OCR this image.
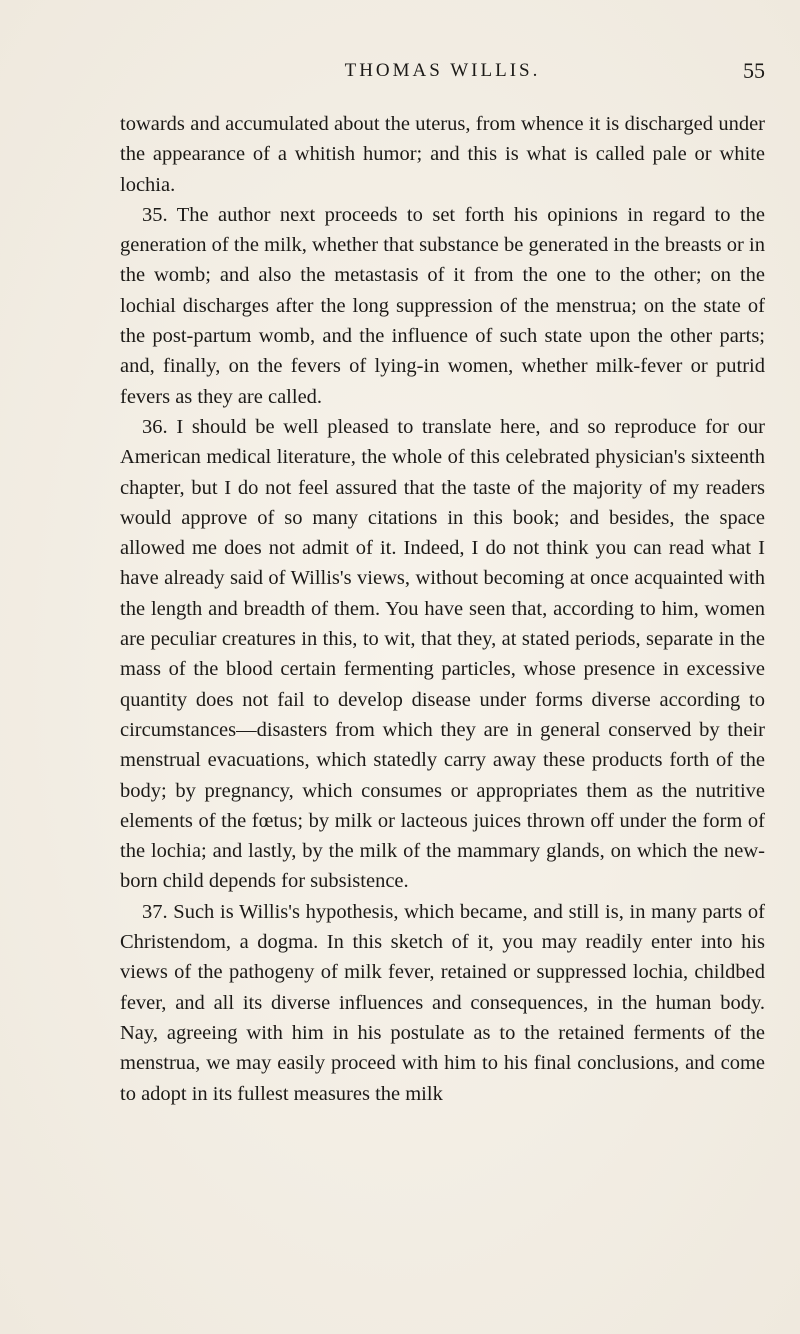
THOMAS WILLIS.	55

towards and accumulated about the uterus, from whence it is discharged under the appearance of a whitish humor; and this is what is called pale or white lochia.

35. The author next proceeds to set forth his opinions in regard to the generation of the milk, whether that substance be generated in the breasts or in the womb; and also the metastasis of it from the one to the other; on the lochial discharges after the long suppression of the menstrua; on the state of the post-partum womb, and the influence of such state upon the other parts; and, finally, on the fevers of lying-in women, whether milk-fever or putrid fevers as they are called.

36. I should be well pleased to translate here, and so reproduce for our American medical literature, the whole of this celebrated physician's sixteenth chapter, but I do not feel assured that the taste of the majority of my readers would approve of so many citations in this book; and besides, the space allowed me does not admit of it. Indeed, I do not think you can read what I have already said of Willis's views, without becoming at once acquainted with the length and breadth of them. You have seen that, according to him, women are peculiar creatures in this, to wit, that they, at stated periods, separate in the mass of the blood certain fermenting particles, whose presence in excessive quantity does not fail to develop disease under forms diverse according to circumstances—disasters from which they are in general conserved by their menstrual evacuations, which statedly carry away these products forth of the body; by pregnancy, which consumes or appropriates them as the nutritive elements of the fœtus; by milk or lacteous juices thrown off under the form of the lochia; and lastly, by the milk of the mammary glands, on which the new-born child depends for subsistence.

37. Such is Willis's hypothesis, which became, and still is, in many parts of Christendom, a dogma. In this sketch of it, you may readily enter into his views of the pathogeny of milk fever, retained or suppressed lochia, childbed fever, and all its diverse influences and consequences, in the human body. Nay, agreeing with him in his postulate as to the retained ferments of the menstrua, we may easily proceed with him to his final conclusions, and come to adopt in its fullest measures the milk
